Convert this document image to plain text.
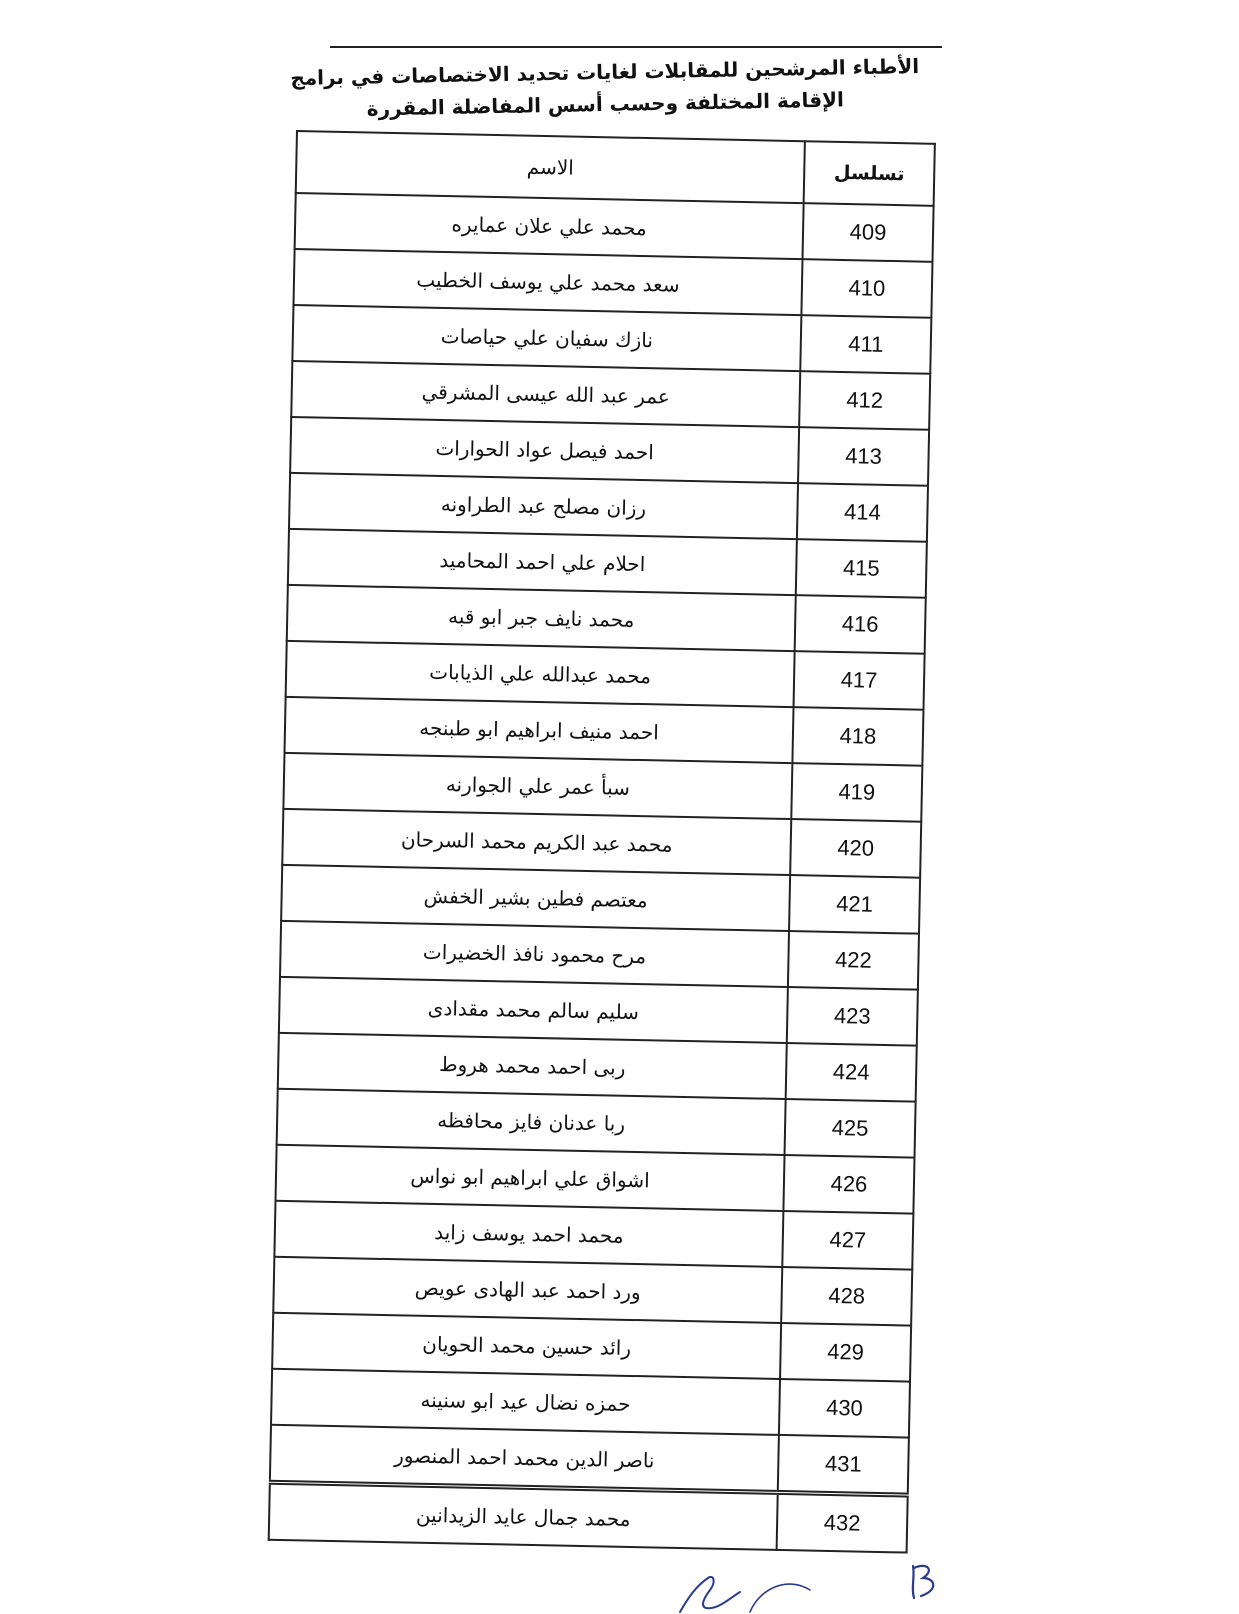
الأطباء المرشحين للمقابلات لغايات تحديد الاختصاصات في برامج
الإقامة المختلفة وحسب أسس المفاضلة المقررة
تسلسل	الاسم
409	محمد علي علان عمايره
410	سعد محمد علي يوسف الخطيب
411	نازك سفيان علي حياصات
412	عمر عبد الله عيسى المشرقي
413	احمد فيصل عواد الحوارات
414	رزان مصلح عبد الطراونه
415	احلام علي احمد المحاميد
416	محمد نايف جبر ابو قبه
417	محمد عبدالله علي الذيابات
418	احمد منيف ابراهيم ابو طبنجه
419	سبأ عمر علي الجوارنه
420	محمد عبد الكريم محمد السرحان
421	معتصم فطين بشير الخفش
422	مرح محمود نافذ الخضيرات
423	سليم سالم محمد مقدادى
424	ربى احمد محمد هروط
425	ربا عدنان فايز محافظه
426	اشواق علي ابراهيم ابو نواس
427	محمد احمد يوسف زايد
428	ورد احمد عبد الهادى عويص
429	رائد حسين محمد الحويان
430	حمزه نضال عيد ابو سنينه
431	ناصر الدين محمد احمد المنصور
432	محمد جمال عايد الزيدانين
